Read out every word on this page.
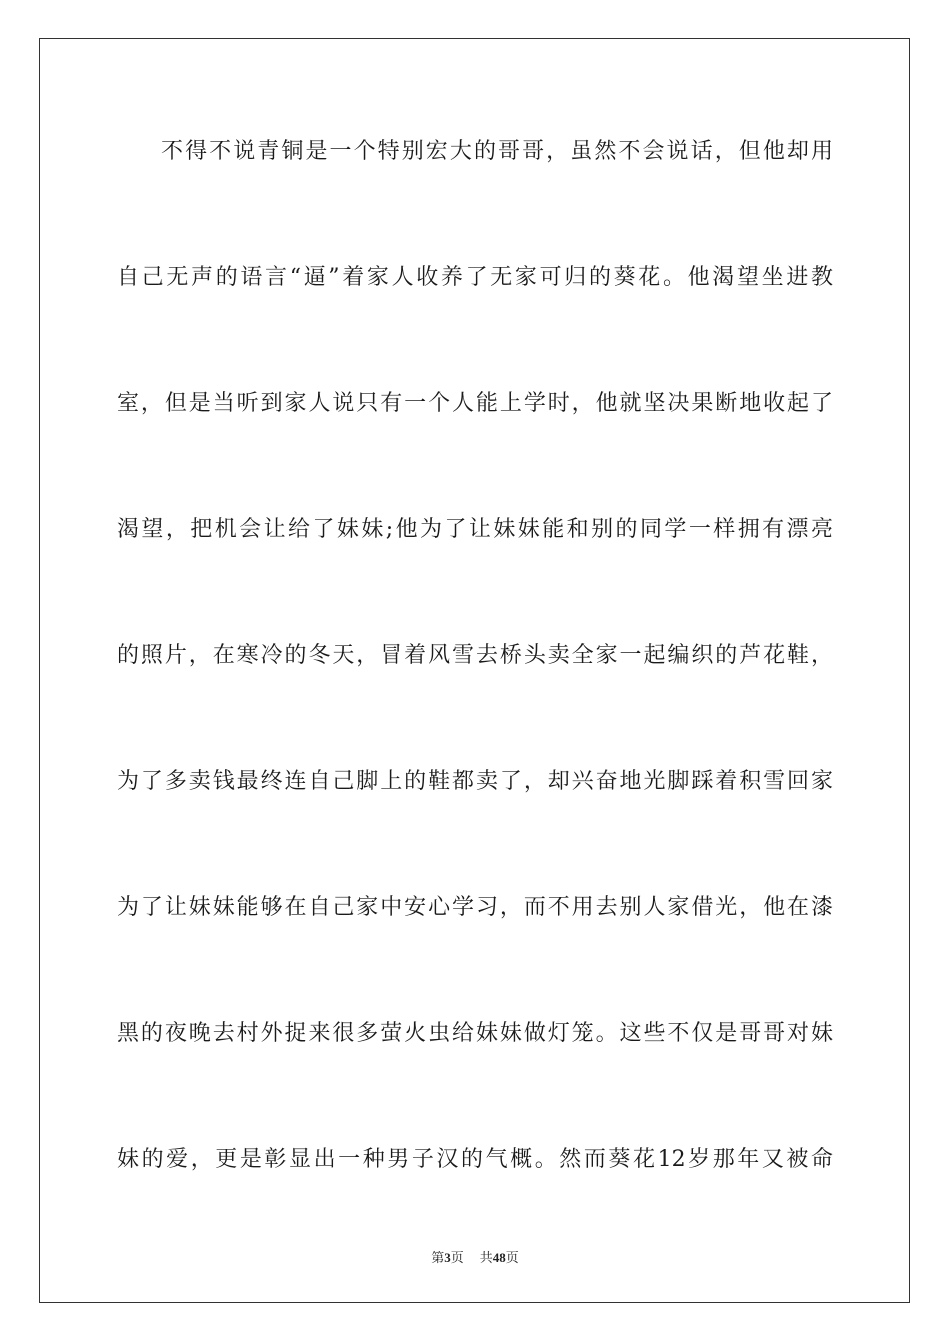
不得不说青铜是一个特别宏大的哥哥，虽然不会说话，但他却用
自己无声的语言“逼”着家人收养了无家可归的葵花。他渴望坐进教
室，但是当听到家人说只有一个人能上学时，他就坚决果断地收起了
渴望，把机会让给了妹妹;他为了让妹妹能和别的同学一样拥有漂亮
的照片，在寒冷的冬天，冒着风雪去桥头卖全家一起编织的芦花鞋，
为了多卖钱最终连自己脚上的鞋都卖了，却兴奋地光脚踩着积雪回家
为了让妹妹能够在自己家中安心学习，而不用去别人家借光，他在漆
黑的夜晚去村外捉来很多萤火虫给妹妹做灯笼。这些不仅是哥哥对妹
妹的爱，更是彰显出一种男子汉的气概。然而葵花12岁那年又被命
第3页 共48页
